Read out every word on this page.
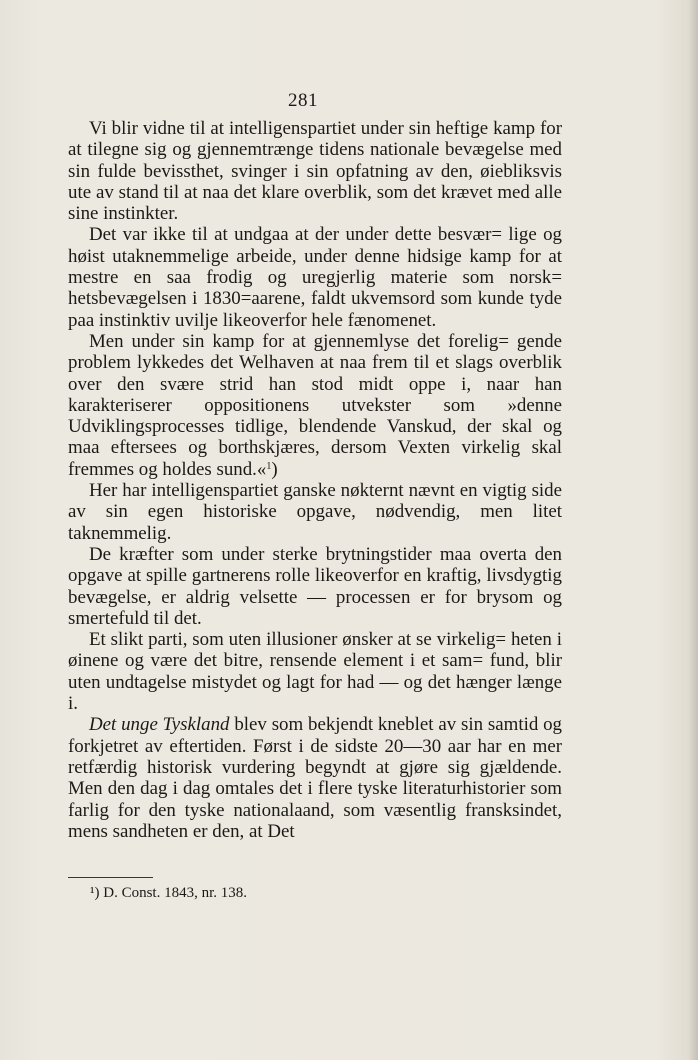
281

Vi blir vidne til at intelligenspartiet under sin heftige kamp for at tilegne sig og gjennemtrænge tidens nationale bevægelse med sin fulde bevissthet, svinger i sin opfatning av den, øiebliksvis ute av stand til at naa det klare overblik, som det krævet med alle sine instinkter.

Det var ikke til at undgaa at der under dette besvær= lige og høist utaknemmelige arbeide, under denne hidsige kamp for at mestre en saa frodig og uregjerlig materie som norsk= hetsbevægelsen i 1830=aarene, faldt ukvemsord som kunde tyde paa instinktiv uvilje likeoverfor hele fænomenet.

Men under sin kamp for at gjennemlyse det forelig= gende problem lykkedes det Welhaven at naa frem til et slags overblik over den svære strid han stod midt oppe i, naar han karakteriserer oppositionens utvekster som »denne Udviklingsprocesses tidlige, blendende Vanskud, der skal og maa eftersees og borthskjæres, dersom Vexten virkelig skal fremmes og holdes sund.«$^1$)

Her har intelligenspartiet ganske nøkternt nævnt en vigtig side av sin egen historiske opgave, nødvendig, men litet taknemmelig.

De kræfter som under sterke brytningstider maa overta den opgave at spille gartnerens rolle likeoverfor en kraftig, livsdygtig bevægelse, er aldrig velsette — processen er for brysom og smertefuld til det.

Et slikt parti, som uten illusioner ønsker at se virkelig= heten i øinene og være det bitre, rensende element i et sam= fund, blir uten undtagelse mistydet og lagt for had — og det hænger længe i.

Det unge Tyskland blev som bekjendt kneblet av sin samtid og forkjetret av eftertiden. Først i de sidste 20—30 aar har en mer retfærdig historisk vurdering begyndt at gjøre sig gjældende. Men den dag i dag omtales det i flere tyske literaturhistorier som farlig for den tyske nationalaand, som væsentlig fransksindet, mens sandheten er den, at Det

¹) D. Const. 1843, nr. 138.
